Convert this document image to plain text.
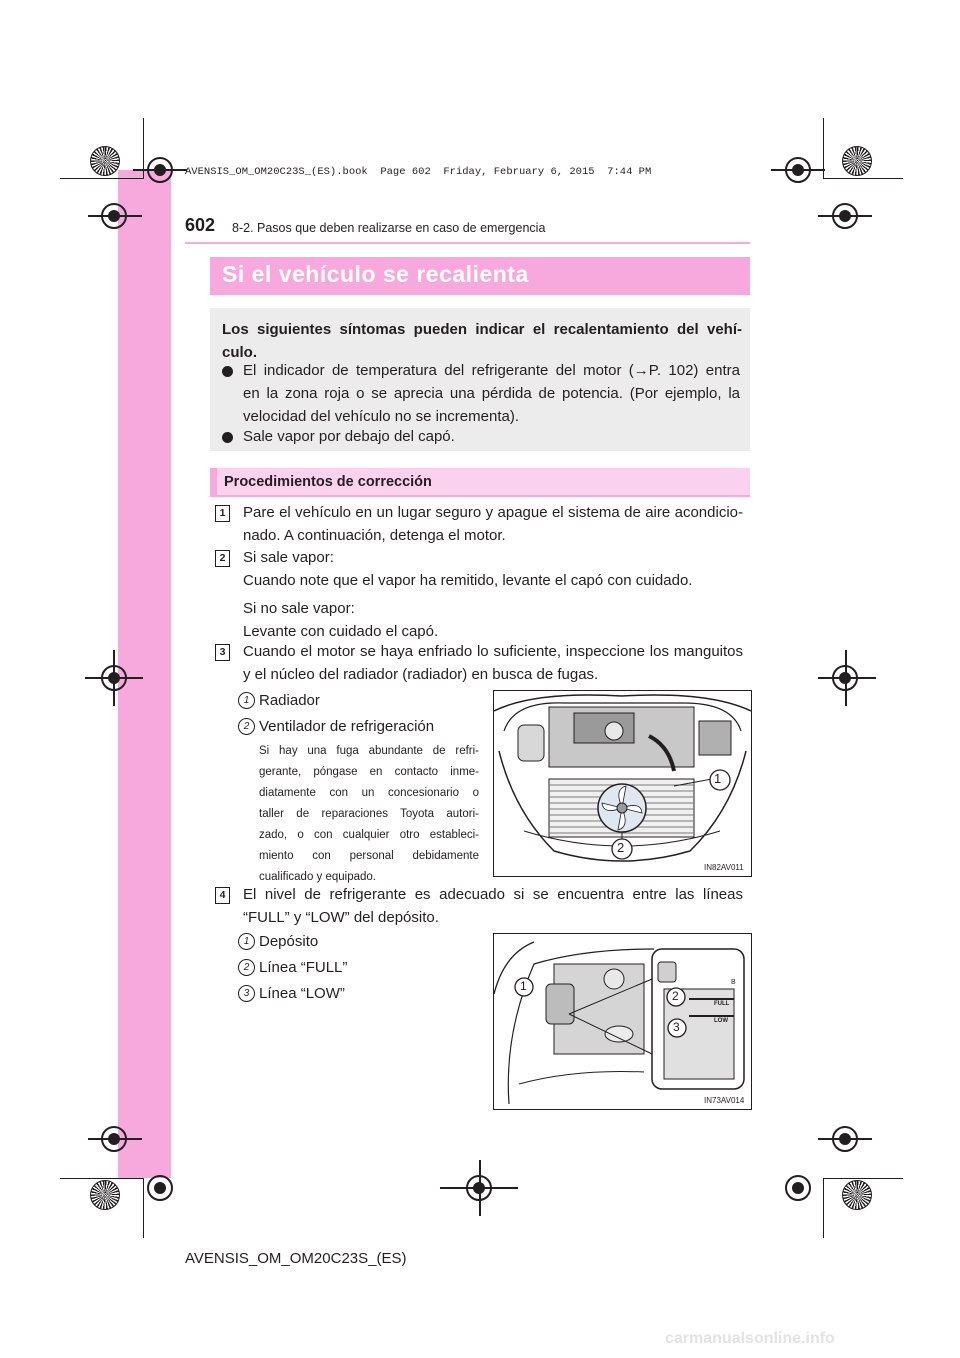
AVENSIS_OM_OM20C23S_(ES).book  Page 602  Friday, February 6, 2015  7:44 PM
602 8-2. Pasos que deben realizarse en caso de emergencia
Si el vehículo se recalienta
Los siguientes síntomas pueden indicar el recalentamiento del vehí-
culo.
El indicador de temperatura del refrigerante del motor (→P. 102) entra
en la zona roja o se aprecia una pérdida de potencia. (Por ejemplo, la
velocidad del vehículo no se incrementa).
Sale vapor por debajo del capó.
Procedimientos de corrección
1	Pare el vehículo en un lugar seguro y apague el sistema de aire acondicio-
nado. A continuación, detenga el motor.
2	Si sale vapor:
Cuando note que el vapor ha remitido, levante el capó con cuidado.
Si no sale vapor:
Levante con cuidado el capó.
3	Cuando el motor se haya enfriado lo suficiente, inspeccione los manguitos
y el núcleo del radiador (radiador) en busca de fugas.
1 Radiador
2 Ventilador de refrigeración
Si hay una fuga abundante de refri-
gerante, póngase en contacto inme-
diatamente con un concesionario o
taller de reparaciones Toyota autori-
zado, o con cualquier otro estableci-
miento con personal debidamente
cualificado y equipado.
1
2
IN82AV011
4	El nivel de refrigerante es adecuado si se encuentra entre las líneas
“FULL” y “LOW” del depósito.
1 Depósito
2 Línea “FULL”
3 Línea “LOW”	1
2
3
FULL
LOW
B
IN73AV014
AVENSIS_OM_OM20C23S_(ES)
carmanualsonline.info
